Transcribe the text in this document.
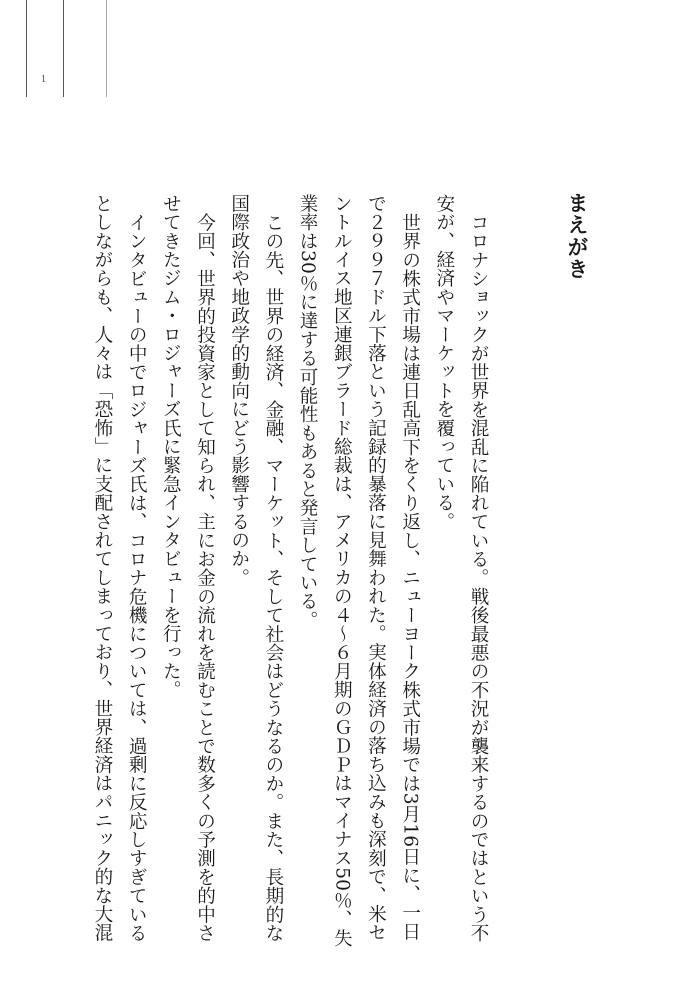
1
まえがき
コロナショックが世界を混乱に陥れている。戦後最悪の不況が襲来するのではという不
安が、経済やマーケットを覆っている。
世界の株式市場は連日乱高下をくり返し、ニューヨーク株式市場では3月16日に、一日
で２９９７ドル下落という記録的暴落に見舞われた。実体経済の落ち込みも深刻で、米セ
ントルイス地区連銀ブラード総裁は、アメリカの４～６月期のＧＤＰはマイナス50％、失
業率は30％に達する可能性もあると発言している。
この先、世界の経済、金融、マーケット、そして社会はどうなるのか。また、長期的な
国際政治や地政学的動向にどう影響するのか。
今回、世界的投資家として知られ、主にお金の流れを読むことで数多くの予測を的中さ
せてきたジム・ロジャーズ氏に緊急インタビューを行った。
インタビューの中でロジャーズ氏は、コロナ危機については、過剰に反応しすぎている
としながらも、人々は「恐怖」に支配されてしまっており、世界経済はパニック的な大混
